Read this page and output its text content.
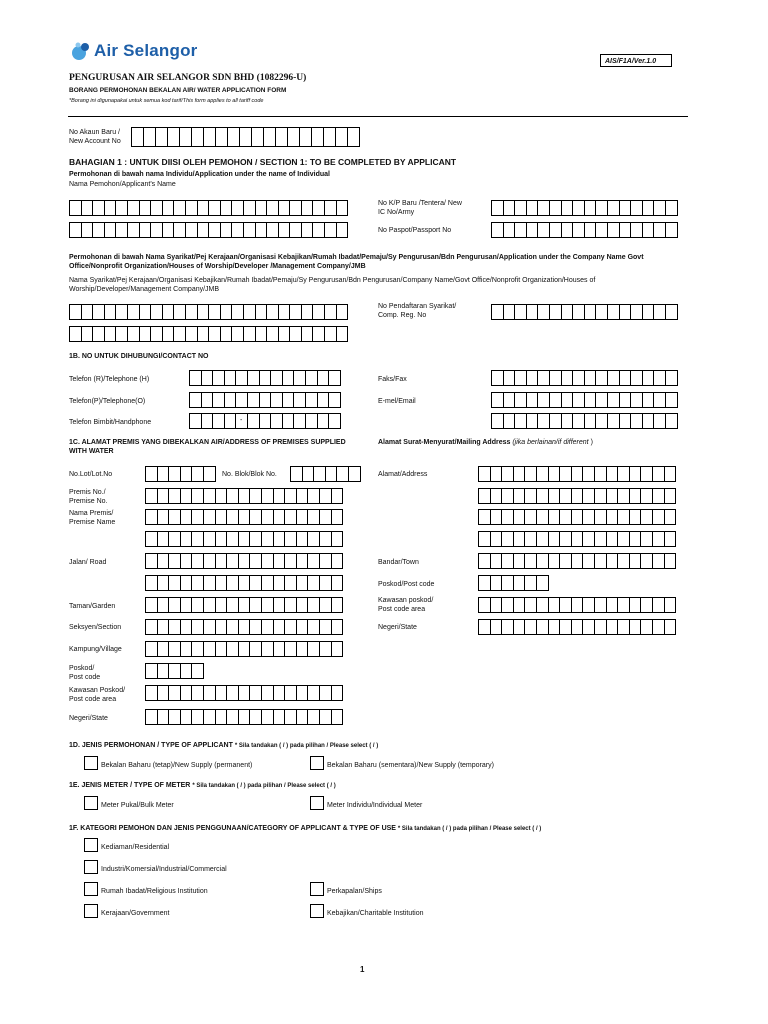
Air Selangor
AIS/F1A/Ver.1.0
PENGURUSAN AIR SELANGOR SDN BHD (1082296-U)
BORANG PERMOHONAN BEKALAN AIR/ WATER APPLICATION FORM
*Borang ini digunapakai untuk semua kod tarif/This form applies to all tariff code
No Akaun Baru /
New Account No
BAHAGIAN 1 : UNTUK DIISI OLEH PEMOHON / SECTION 1: TO BE COMPLETED BY APPLICANT
Permohonan di bawah nama Individu/Application under the name of Individual
Nama Pemohon/Applicant's Name
No K/P Baru /Tentera/ New
IC No/Army
No Paspot/Passport No
Permohonan di bawah Nama Syarikat/Pej Kerajaan/Organisasi Kebajikan/Rumah Ibadat/Pemaju/Sy Pengurusan/Bdn Pengurusan/Application under the Company Name Govt
Office/Nonprofit Organization/Houses of Worship/Developer /Management Company/JMB
Nama Syarikat/Pej Kerajaan/Organisasi Kebajikan/Rumah Ibadat/Pemaju/Sy Pengurusan/Bdn Pengurusan/Company Name/Govt Office/Nonprofit Organization/Houses of
Worship/Developer/Management Company/JMB
No Pendaftaran Syarikat/
Comp. Reg. No
1B. NO UNTUK DIHUBUNGI/CONTACT NO
Telefon (R)/Telephone (H)
Telefon(P)/Telephone(O)
Telefon Bimbit/Handphone	-
Faks/Fax
E-mel/Email
1C. ALAMAT PREMIS YANG DIBEKALKAN AIR/ADDRESS OF PREMISES SUPPLIED
WITH WATER
Alamat Surat-Menyurat/Mailing Address (jika berlainan/if different )
No.Lot/Lot.No	No. Blok/Blok No.
Premis No./
Premise No.
Nama Premis/
Premise Name
Jalan/ Road
Taman/Garden
Seksyen/Section
Kampung/Village
Poskod/
Post code
Kawasan Poskod/
Post code area
Negeri/State
Alamat/Address
Bandar/Town
Poskod/Post code
Kawasan poskod/
Post code area
Negeri/State
1D. JENIS PERMOHONAN / TYPE OF APPLICANT * Sila tandakan ( / ) pada pilihan / Please select ( / )
Bekalan Baharu (tetap)/New Supply (permanent)	Bekalan Baharu (sementara)/New Supply (temporary)
1E. JENIS METER / TYPE OF METER * Sila tandakan ( / ) pada pilihan / Please select ( / )
Meter Pukal/Bulk Meter	Meter Individu/Individual Meter
1F. KATEGORI PEMOHON DAN JENIS PENGGUNAAN/CATEGORY OF APPLICANT & TYPE OF USE * Sila tandakan ( / ) pada pilihan / Please select ( / )
Kediaman/Residential
Industri/Komersial/Industrial/Commercial
Rumah Ibadat/Religious Institution	Perkapalan/Ships
Kerajaan/Government	Kebajikan/Charitable Institution
1
